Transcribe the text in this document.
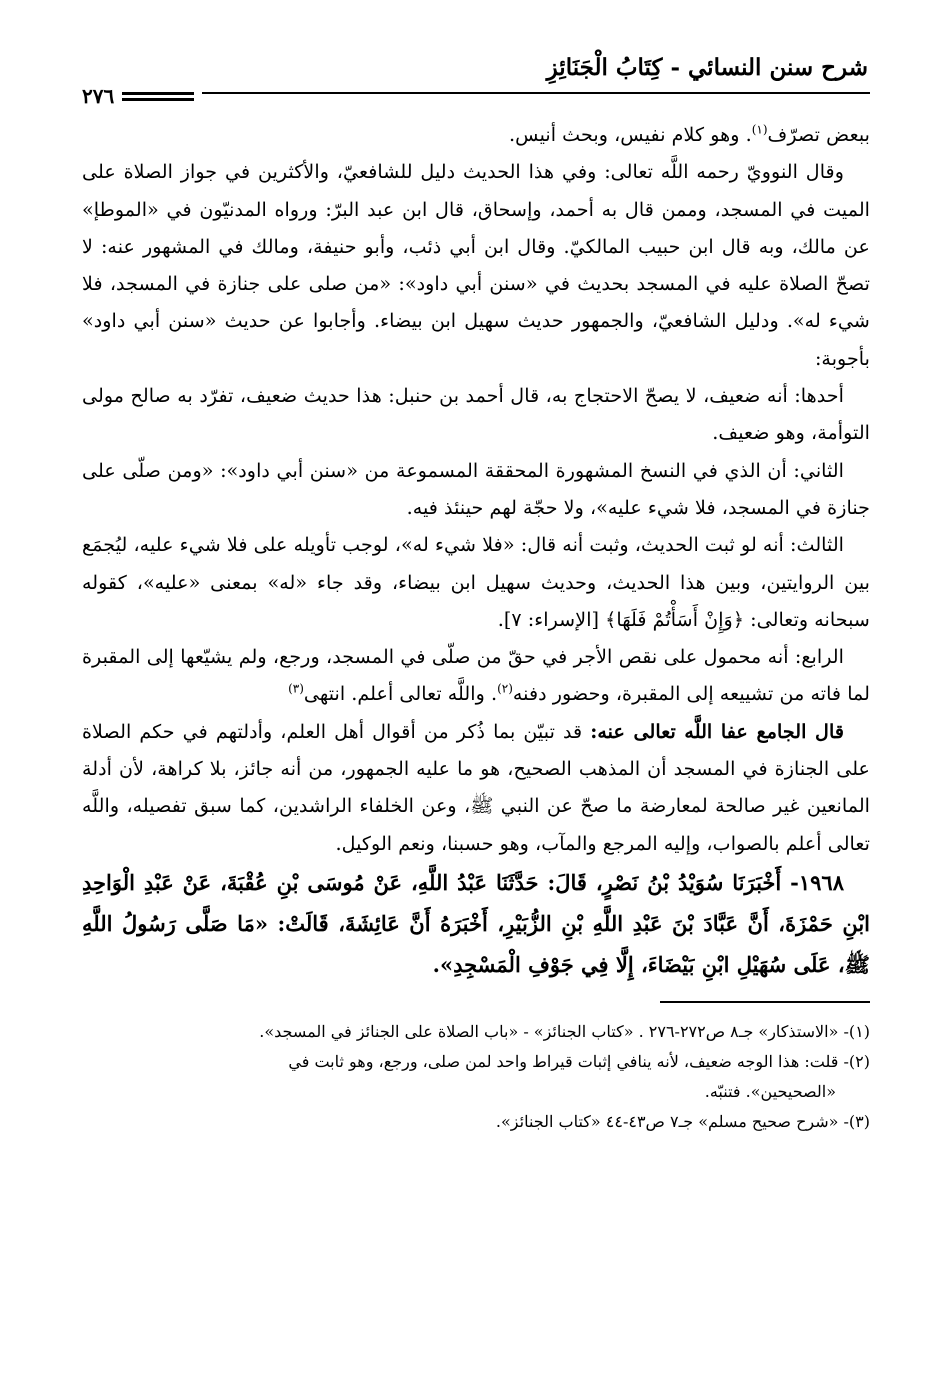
شرح سنن النسائي - كِتَابُ الْجَنَائِزِ
٢٧٦

ببعض تصرّف$^{(١)}$. وهو كلام نفيس، وبحث أنيس.

وقال النوويّ رحمه اللَّه تعالى: وفي هذا الحديث دليل للشافعيّ، والأكثرين في جواز الصلاة على الميت في المسجد، وممن قال به أحمد، وإسحاق، قال ابن عبد البرّ: ورواه المدنيّون في «الموطإ» عن مالك، وبه قال ابن حبيب المالكيّ. وقال ابن أبي ذئب، وأبو حنيفة، ومالك في المشهور عنه: لا تصحّ الصلاة عليه في المسجد بحديث في «سنن أبي داود»: «من صلى على جنازة في المسجد، فلا شيء له». ودليل الشافعيّ، والجمهور حديث سهيل ابن بيضاء. وأجابوا عن حديث «سنن أبي داود» بأجوبة:

أحدها: أنه ضعيف، لا يصحّ الاحتجاج به، قال أحمد بن حنبل: هذا حديث ضعيف، تفرّد به صالح مولى التوأمة، وهو ضعيف.

الثاني: أن الذي في النسخ المشهورة المحققة المسموعة من «سنن أبي داود»: «ومن صلّى على جنازة في المسجد، فلا شيء عليه»، ولا حجّة لهم حينئذ فيه.

الثالث: أنه لو ثبت الحديث، وثبت أنه قال: «فلا شيء له»، لوجب تأويله على فلا شيء عليه، ليُجمَع بين الروايتين، وبين هذا الحديث، وحديث سهيل ابن بيضاء، وقد جاء «له» بمعنى «عليه»، كقوله سبحانه وتعالى: ﴿وَإِنْ أَسَأْتُمْ فَلَهَا﴾ [الإسراء: ٧].

الرابع: أنه محمول على نقص الأجر في حقّ من صلّى في المسجد، ورجع، ولم يشيّعها إلى المقبرة لما فاته من تشييعه إلى المقبرة، وحضور دفنه$^{(٢)}$. واللَّه تعالى أعلم. انتهى$^{(٣)}$

قال الجامع عفا اللَّه تعالى عنه: قد تبيّن بما ذُكر من أقوال أهل العلم، وأدلتهم في حكم الصلاة على الجنازة في المسجد أن المذهب الصحيح، هو ما عليه الجمهور، من أنه جائز، بلا كراهة، لأن أدلة المانعين غير صالحة لمعارضة ما صحّ عن النبي ﷺ، وعن الخلفاء الراشدين، كما سبق تفصيله، واللَّه تعالى أعلم بالصواب، وإليه المرجع والمآب، وهو حسبنا، ونعم الوكيل.

١٩٦٨- أَخْبَرَنَا سُوَيْدُ بْنُ نَصْرٍ، قَالَ: حَدَّثَنَا عَبْدُ اللَّهِ، عَنْ مُوسَى بْنِ عُقْبَةَ، عَنْ عَبْدِ الْوَاحِدِ ابْنِ حَمْزَةَ، أَنَّ عَبَّادَ بْنَ عَبْدِ اللَّهِ بْنِ الزُّبَيْرِ، أَخْبَرَهُ أَنَّ عَائِشَةَ، قَالَتْ: «مَا صَلَّى رَسُولُ اللَّهِ ﷺ، عَلَى سُهَيْلِ ابْنِ بَيْضَاءَ، إِلَّا فِي جَوْفِ الْمَسْجِدِ».

(١)- «الاستذكار» جـ٨ ص٢٧٢-٢٧٦ . «كتاب الجنائز» - «باب الصلاة على الجنائز في المسجد».

(٢)- قلت: هذا الوجه ضعيف، لأنه ينافي إثبات قيراط واحد لمن صلى، ورجع، وهو ثابت في

«الصحيحين». فتنبّه.

(٣)- «شرح صحيح مسلم» جـ٧ ص٤٣-٤٤ «كتاب الجنائز».
